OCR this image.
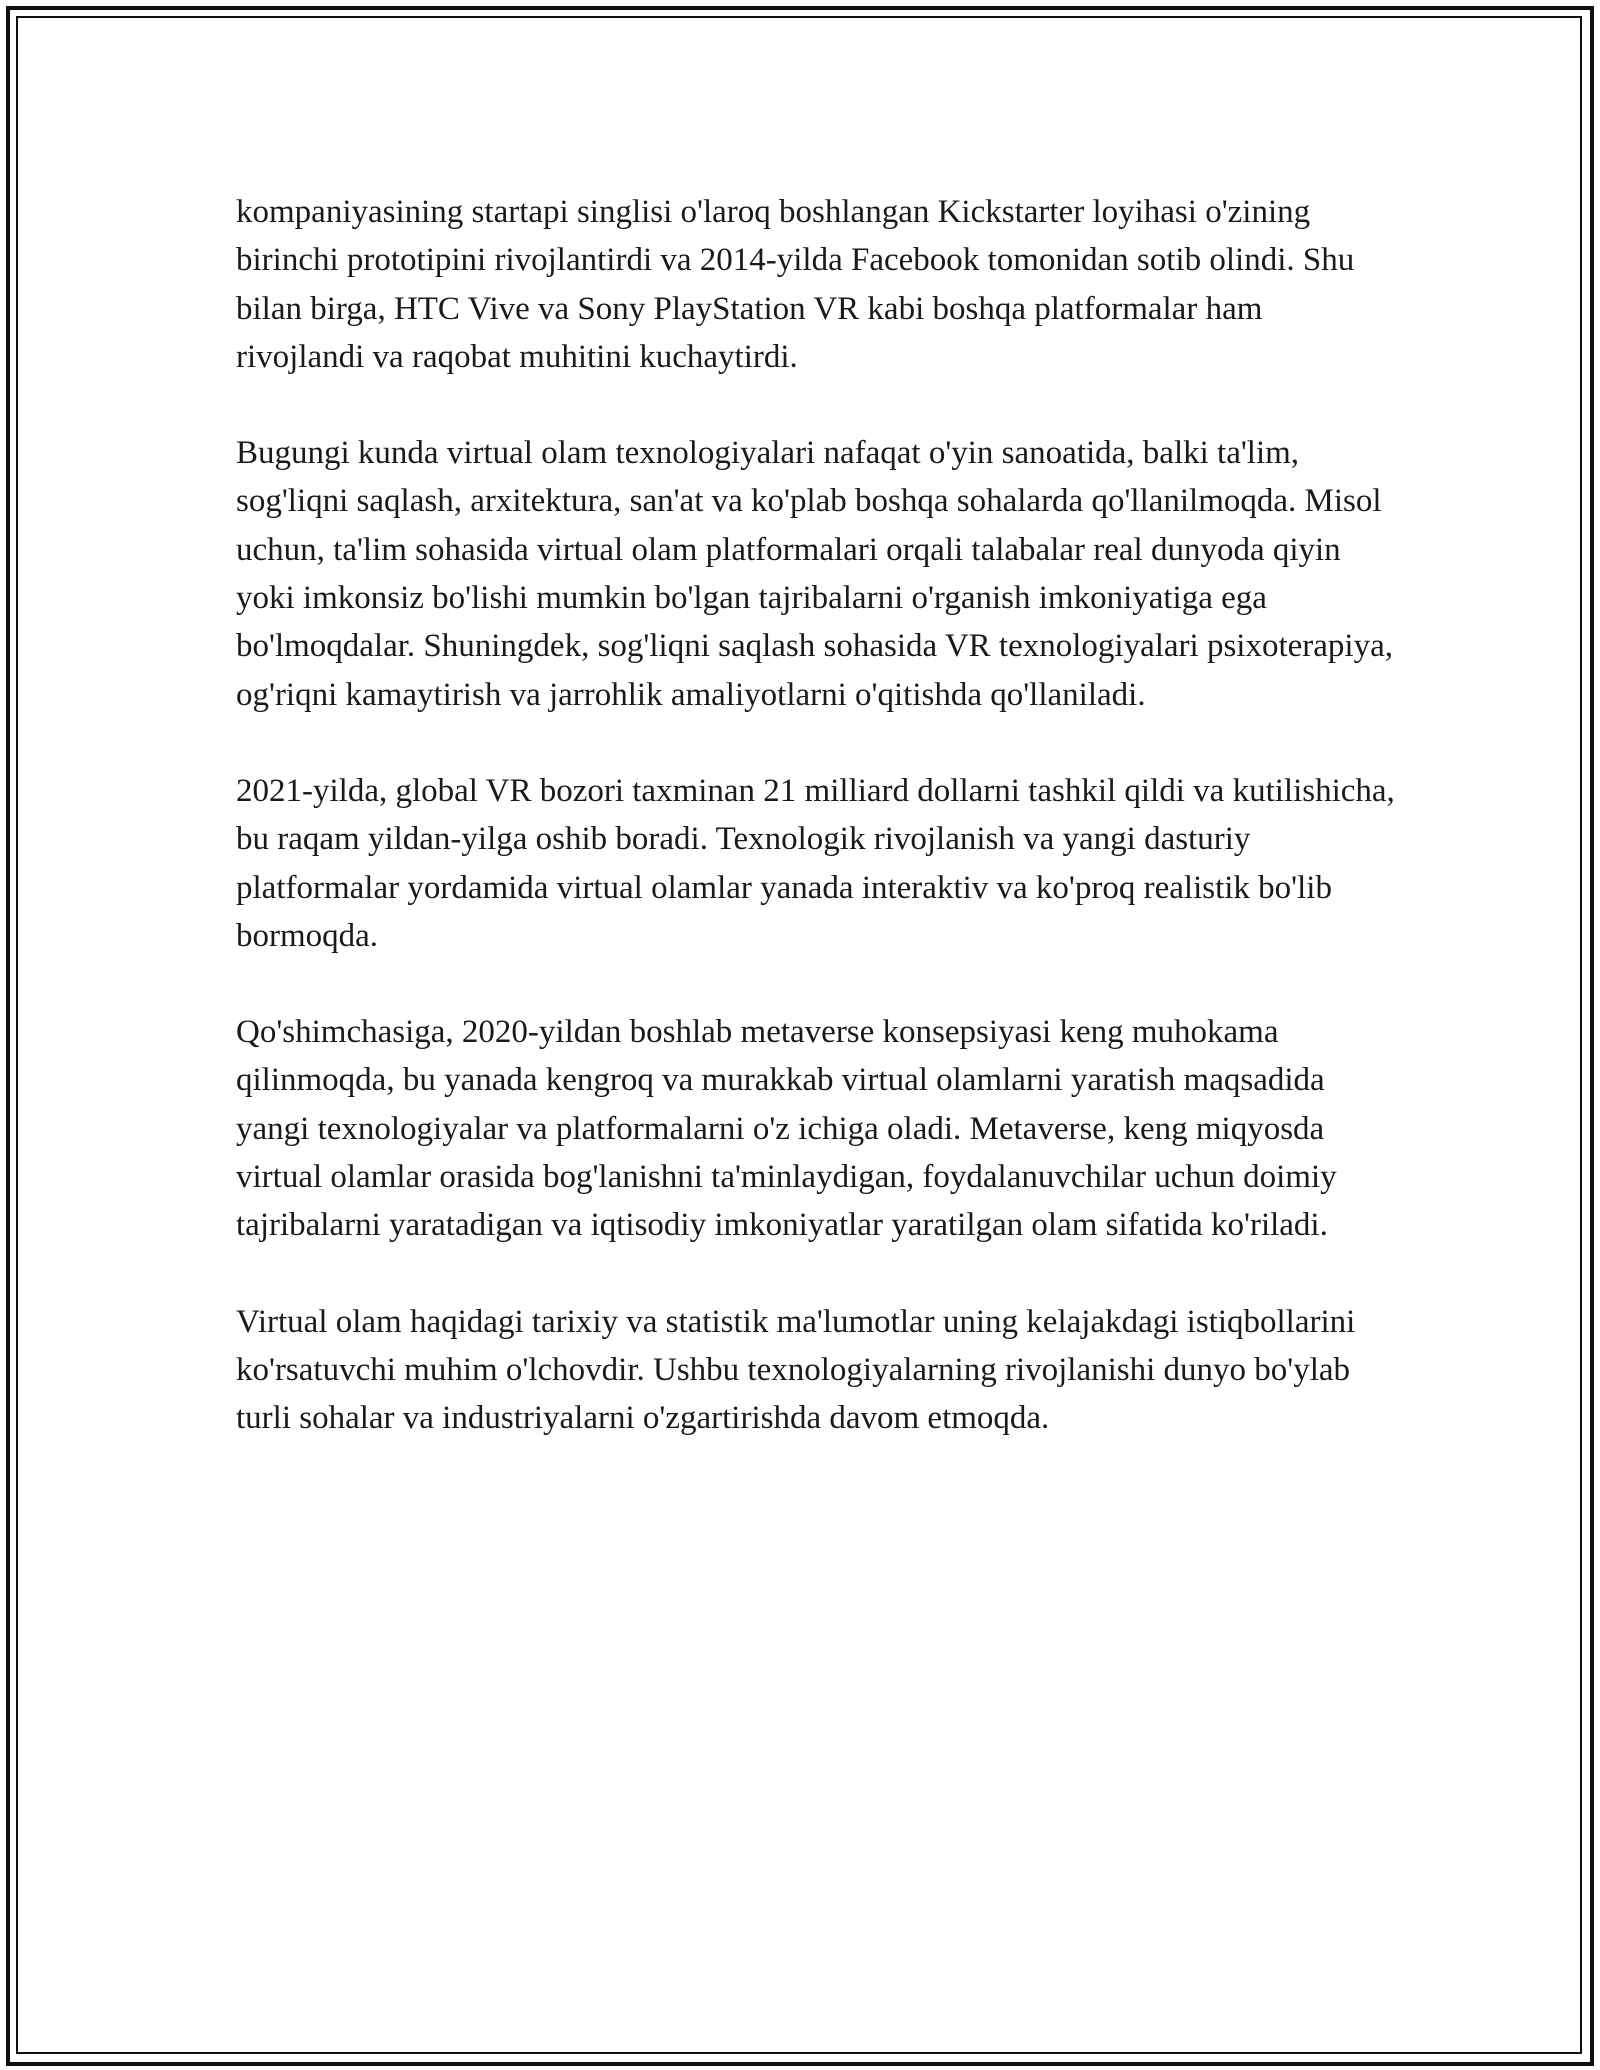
kompaniyasining startapi singlisi o'laroq boshlangan Kickstarter loyihasi o'zining birinchi prototipini rivojlantirdi va 2014-yilda Facebook tomonidan sotib olindi. Shu bilan birga, HTC Vive va Sony PlayStation VR kabi boshqa platformalar ham rivojlandi va raqobat muhitini kuchaytirdi.

Bugungi kunda virtual olam texnologiyalari nafaqat o'yin sanoatida, balki ta'lim, sog'liqni saqlash, arxitektura, san'at va ko'plab boshqa sohalarda qo'llanilmoqda. Misol uchun, ta'lim sohasida virtual olam platformalari orqali talabalar real dunyoda qiyin yoki imkonsiz bo'lishi mumkin bo'lgan tajribalarni o'rganish imkoniyatiga ega bo'lmoqdalar. Shuningdek, sog'liqni saqlash sohasida VR texnologiyalari psixoterapiya, og'riqni kamaytirish va jarrohlik amaliyotlarni o'qitishda qo'llaniladi.

2021-yilda, global VR bozori taxminan 21 milliard dollarni tashkil qildi va kutilishicha, bu raqam yildan-yilga oshib boradi. Texnologik rivojlanish va yangi dasturiy platformalar yordamida virtual olamlar yanada interaktiv va ko'proq realistik bo'lib bormoqda.

Qo'shimchasiga, 2020-yildan boshlab metaverse konsepsiyasi keng muhokama qilinmoqda, bu yanada kengroq va murakkab virtual olamlarni yaratish maqsadida yangi texnologiyalar va platformalarni o'z ichiga oladi. Metaverse, keng miqyosda virtual olamlar orasida bog'lanishni ta'minlaydigan, foydalanuvchilar uchun doimiy tajribalarni yaratadigan va iqtisodiy imkoniyatlar yaratilgan olam sifatida ko'riladi.

Virtual olam haqidagi tarixiy va statistik ma'lumotlar uning kelajakdagi istiqbollarini ko'rsatuvchi muhim o'lchovdir. Ushbu texnologiyalarning rivojlanishi dunyo bo'ylab turli sohalar va industriyalarni o'zgartirishda davom etmoqda.
